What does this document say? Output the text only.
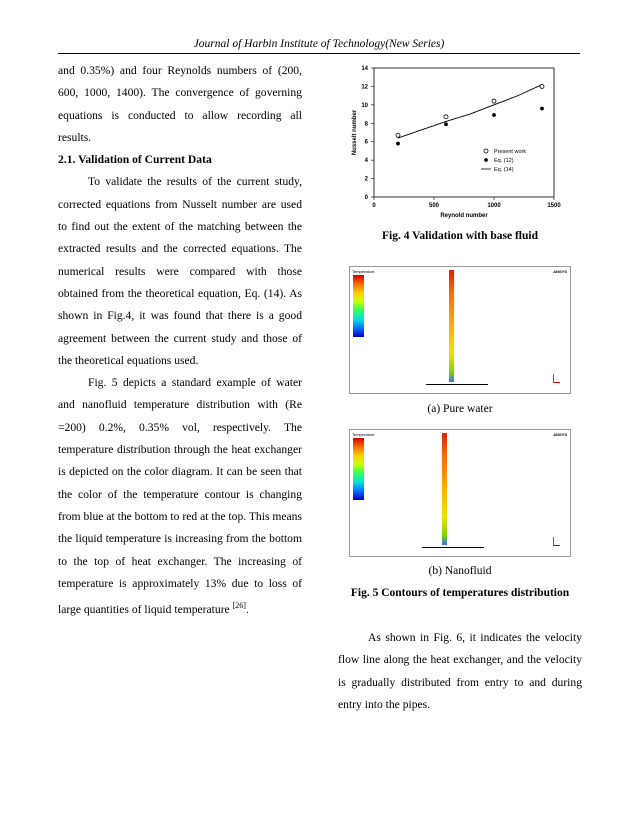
Journal of Harbin Institute of Technology(New Series)

and 0.35%) and four Reynolds numbers of (200, 600, 1000, 1400). The convergence of governing equations is conducted to allow recording all results.

2.1. Validation of Current Data

To validate the results of the current study, corrected equations from Nusselt number are used to find out the extent of the matching between the extracted results and the corrected equations. The numerical results were compared with those obtained from the theoretical equation, Eq. (14). As shown in Fig.4, it was found that there is a good agreement between the current study and those of the theoretical equations used.

Fig. 5 depicts a standard example of water and nanofluid temperature distribution with (Re =200) 0.2%, 0.35% vol, respectively. The temperature distribution through the heat exchanger is depicted on the color diagram. It can be seen that the color of the temperature contour is changing from blue at the bottom to red at the top. This means the liquid temperature is increasing from the bottom to the top of heat exchanger. The increasing of temperature is approximately 13% due to loss of large quantities of liquid temperature [26].

0	500	1000	1500
0
2
4
6
8
10
12
14
Reynold number
Nusselt number	Present work
Eq. (12)
Eq. (14)
Fig. 4 Validation with base fluid
Temperature	ANSYS
(a) Pure water
Temperature	ANSYS
(b) Nanofluid
Fig. 5 Contours of temperatures distribution

As shown in Fig. 6, it indicates the velocity flow line along the heat exchanger, and the velocity is gradually distributed from entry to and during entry into the pipes.
